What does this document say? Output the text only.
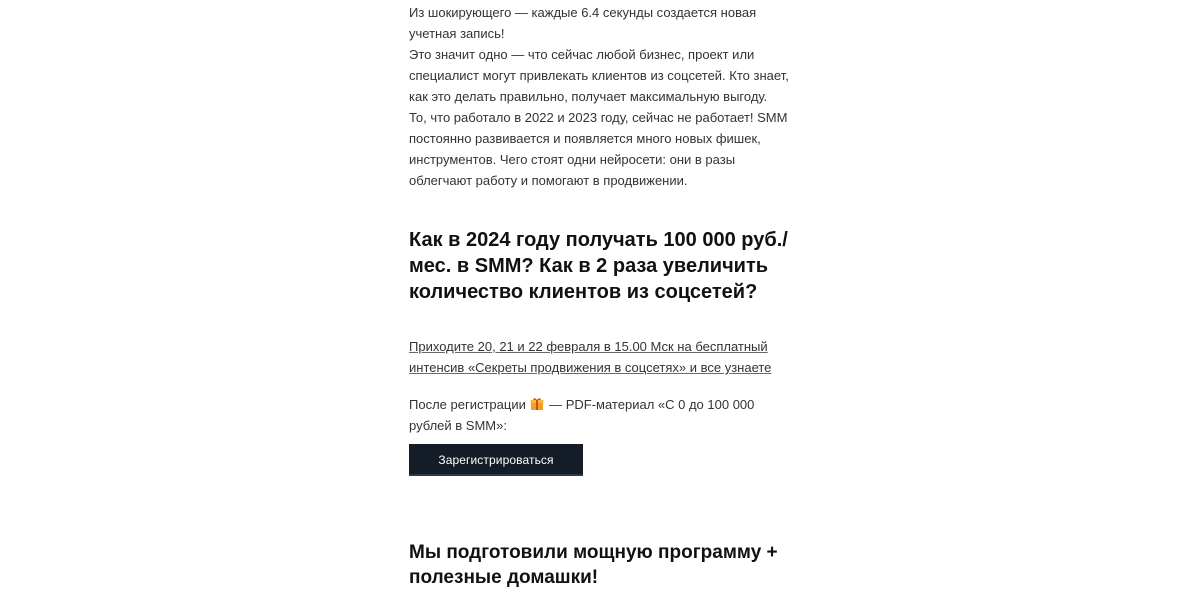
Из шокирующего — каждые 6.4 секунды создается новая учетная запись!

Это значит одно — что сейчас любой бизнес, проект или специалист могут привлекать клиентов из соцсетей. Кто знает, как это делать правильно, получает максимальную выгоду.

То, что работало в 2022 и 2023 году, сейчас не работает! SMM постоянно развивается и появляется много новых фишек, инструментов. Чего стоят одни нейросети: они в разы облегчают работу и помогают в продвижении.

Как в 2024 году получать 100 000 руб./мес. в SMM? Как в 2 раза увеличить количество клиентов из соцсетей?
Приходите 20, 21 и 22 февраля в 15.00 Мск на бесплатный интенсив «Секреты продвижения в соцсетях» и все узнаете

После регистрации — PDF-материал «С 0 до 100 000 рублей в SMM»:

Зарегистрироваться
Мы подготовили мощную программу + полезные домашки!
